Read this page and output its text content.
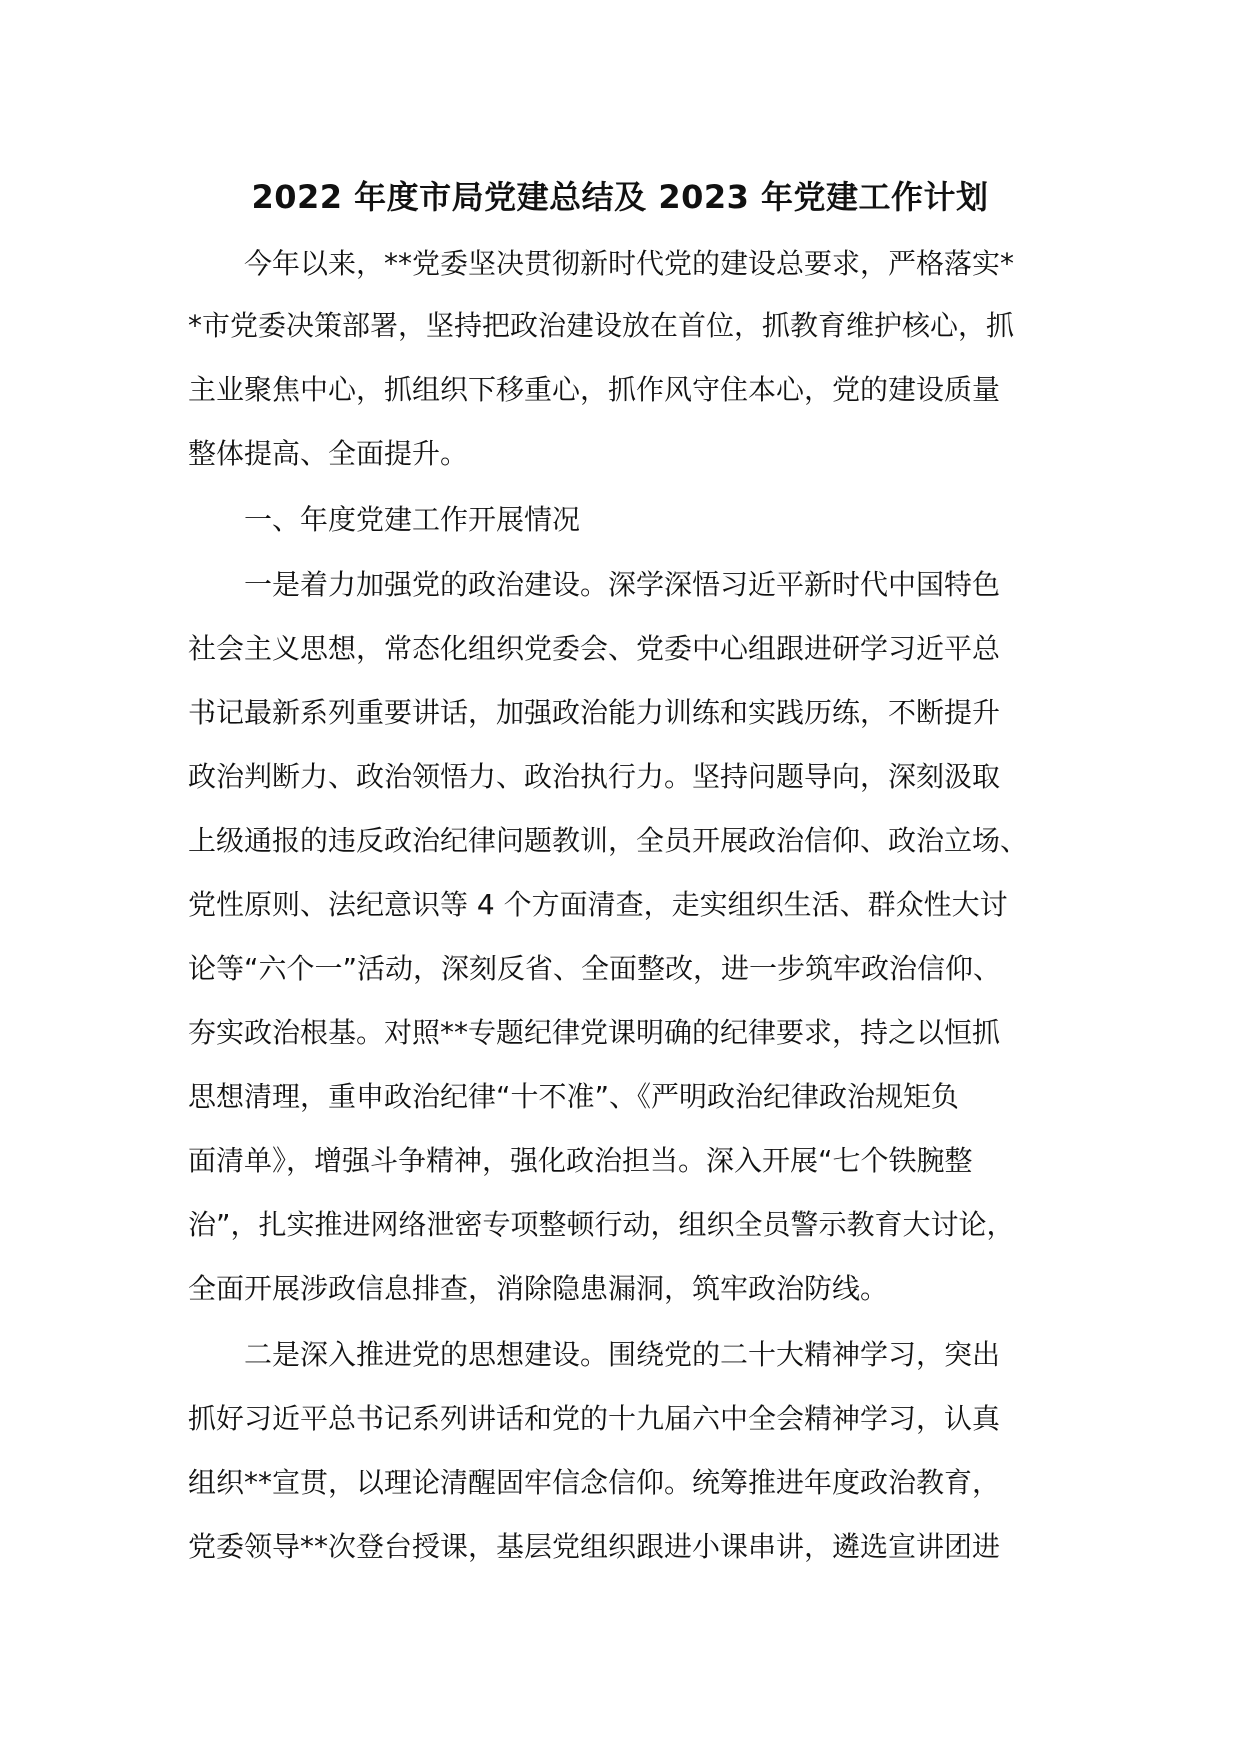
2022 年度市局党建总结及 2023 年党建工作计划

今年以来，**党委坚决贯彻新时代党的建设总要求，严格落实*

*市党委决策部署，坚持把政治建设放在首位，抓教育维护核心，抓

主业聚焦中心，抓组织下移重心，抓作风守住本心，党的建设质量

整体提高、全面提升。

一、年度党建工作开展情况

一是着力加强党的政治建设。深学深悟习近平新时代中国特色

社会主义思想，常态化组织党委会、党委中心组跟进研学习近平总

书记最新系列重要讲话，加强政治能力训练和实践历练，不断提升

政治判断力、政治领悟力、政治执行力。坚持问题导向，深刻汲取

上级通报的违反政治纪律问题教训，全员开展政治信仰、政治立场、

党性原则、法纪意识等 4 个方面清查，走实组织生活、群众性大讨

论等“六个一”活动，深刻反省、全面整改，进一步筑牢政治信仰、

夯实政治根基。对照**专题纪律党课明确的纪律要求，持之以恒抓

思想清理，重申政治纪律“十不准”、《严明政治纪律政治规矩负

面清单》，增强斗争精神，强化政治担当。深入开展“七个铁腕整

治”，扎实推进网络泄密专项整顿行动，组织全员警示教育大讨论，

全面开展涉政信息排查，消除隐患漏洞，筑牢政治防线。

二是深入推进党的思想建设。围绕党的二十大精神学习，突出

抓好习近平总书记系列讲话和党的十九届六中全会精神学习，认真

组织**宣贯，以理论清醒固牢信念信仰。统筹推进年度政治教育，

党委领导**次登台授课，基层党组织跟进小课串讲，遴选宣讲团进
